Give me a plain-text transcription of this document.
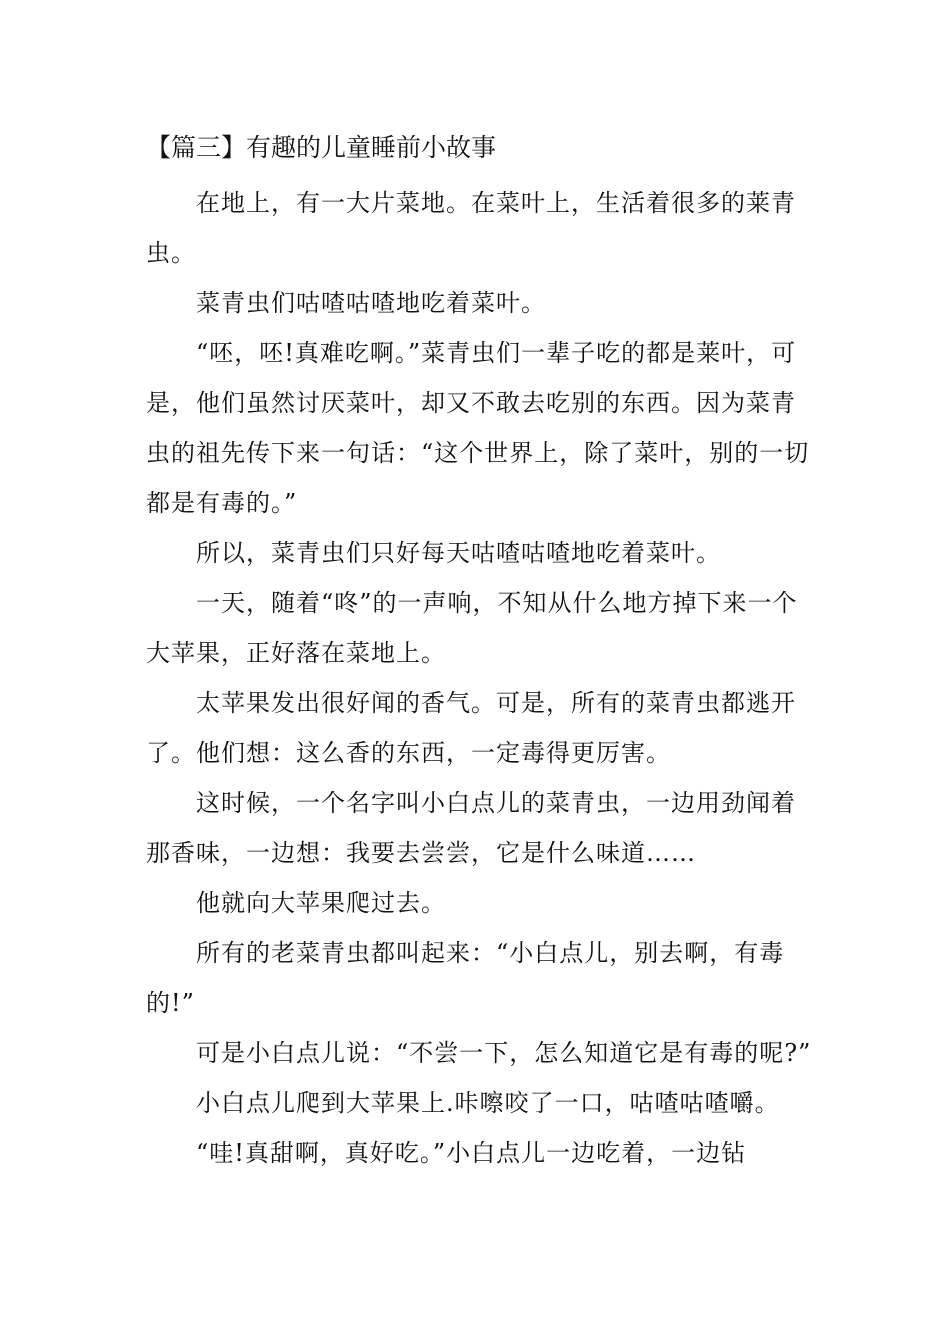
【篇三】有趣的儿童睡前小故事

在地上，有一大片菜地。在菜叶上，生活着很多的莱青虫。

菜青虫们咕喳咕喳地吃着菜叶。

“呸，呸!真难吃啊。”菜青虫们一辈子吃的都是莱叶，可是，他们虽然讨厌菜叶，却又不敢去吃别的东西。因为菜青虫的祖先传下来一句话：“这个世界上，除了菜叶，别的一切都是有毒的。”

所以，菜青虫们只好每天咕喳咕喳地吃着菜叶。

一天，随着“咚”的一声响，不知从什么地方掉下来一个大苹果，正好落在菜地上。

太苹果发出很好闻的香气。可是，所有的菜青虫都逃开了。他们想：这么香的东西，一定毒得更厉害。

这时候，一个名字叫小白点儿的菜青虫，一边用劲闻着那香味，一边想：我要去尝尝，它是什么味道……

他就向大苹果爬过去。

所有的老菜青虫都叫起来：“小白点儿，别去啊，有毒的!”

可是小白点儿说：“不尝一下，怎么知道它是有毒的呢?”

小白点儿爬到大苹果上.咔嚓咬了一口，咕喳咕喳嚼。

“哇!真甜啊，真好吃。”小白点儿一边吃着，一边钻
